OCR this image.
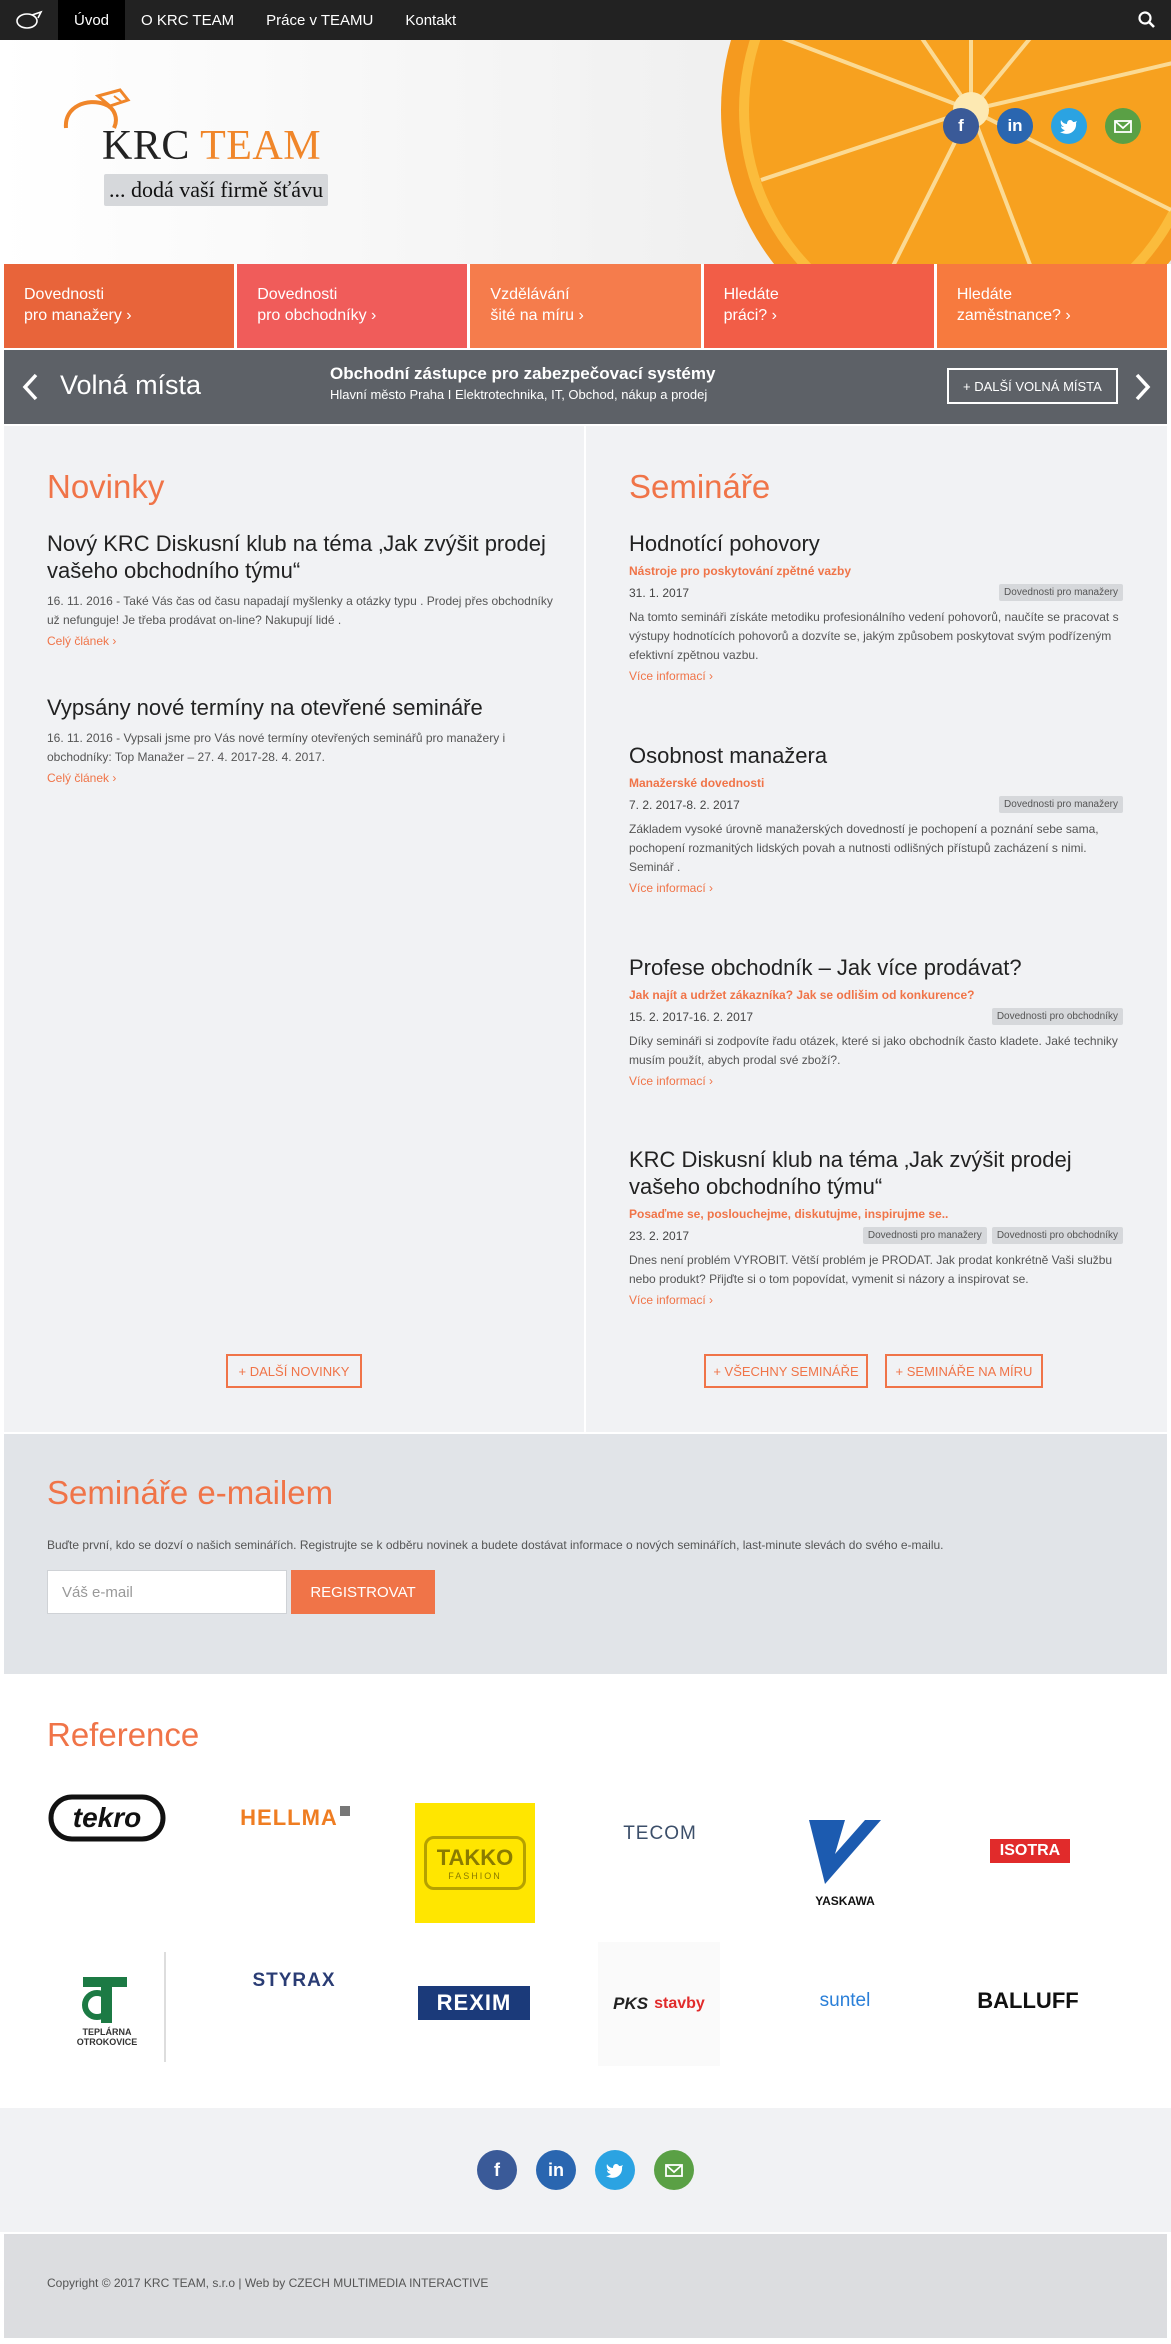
Úvod	O KRC TEAM	Práce v TEAMU	Kontakt
KRC TEAM
... dodá vaší firmě šťávu
f	in
Dovednosti
pro manažery ›
Dovednosti
pro obchodníky ›
Vzdělávání
šité na míru ›
Hledáte
práci? ›
Hledáte
zaměstnance? ›
Volná místa	Obchodní zástupce pro zabezpečovací systémy
Hlavní město Praha I Elektrotechnika, IT, Obchod, nákup a prodej
+ DALŠÍ VOLNÁ MÍSTA
Novinky
Nový KRC Diskusní klub na téma ‚Jak zvýšit prodej vašeho obchodního týmu“

16. 11. 2016 - Také Vás čas od času napadají myšlenky a otázky typu . Prodej přes obchodníky už nefunguje! Je třeba prodávat on-line? Nakupují lidé .

Celý článek ›
Vypsány nové termíny na otevřené semináře

16. 11. 2016 - Vypsali jsme pro Vás nové termíny otevřených seminářů pro manažery i obchodníky: Top Manažer – 27. 4. 2017-28. 4. 2017.

Celý článek ›
+ DALŠÍ NOVINKY
Semináře
Hodnotící pohovory
Nástroje pro poskytování zpětné vazby
31. 1. 2017	Dovednosti pro manažery

Na tomto semináři získáte metodiku profesionálního vedení pohovorů, naučíte se pracovat s výstupy hodnotících pohovorů a dozvíte se, jakým způsobem poskytovat svým podřízeným efektivní zpětnou vazbu.

Více informací ›
Osobnost manažera
Manažerské dovednosti
7. 2. 2017-8. 2. 2017	Dovednosti pro manažery

Základem vysoké úrovně manažerských dovedností je pochopení a poznání sebe sama, pochopení rozmanitých lidských povah a nutnosti odlišných přístupů zacházení s nimi. Seminář .

Více informací ›
Profese obchodník – Jak více prodávat?
Jak najít a udržet zákazníka? Jak se odlišim od konkurence?
15. 2. 2017-16. 2. 2017	Dovednosti pro obchodníky

Díky semináři si zodpovíte řadu otázek, které si jako obchodník často kladete. Jaké techniky musím použít, abych prodal své zboží?.

Více informací ›
KRC Diskusní klub na téma ‚Jak zvýšit prodej vašeho obchodního týmu“
Posaďme se, poslouchejme, diskutujme, inspirujme se..
23. 2. 2017	Dovednosti pro manažery	Dovednosti pro obchodníky

Dnes není problém VYROBIT. Větší problém je PRODAT. Jak prodat konkrétně Vaši službu nebo produkt? Přijďte si o tom popovídat, vymenit si názory a inspirovat se.

Více informací ›
+ VŠECHNY SEMINÁŘE	+ SEMINÁŘE NA MÍRU
Semináře e-mailem
Buďte první, kdo se dozví o našich seminářích. Registrujte se k odběru novinek a budete dostávat informace o nových seminářích, last-minute slevách do svého e-mailu.
Váš e-mail	REGISTROVAT
Reference
tekro	HELLMA
TAKKO
FASHION
TECOM
YASKAWA
ISOTRA
TEPLÁRNA
OTROKOVICE
STYRAX
REXIM	PKS stavby	suntel	BALLUFF
f	in
Copyright © 2017 KRC TEAM, s.r.o | Web by CZECH MULTIMEDIA INTERACTIVE
